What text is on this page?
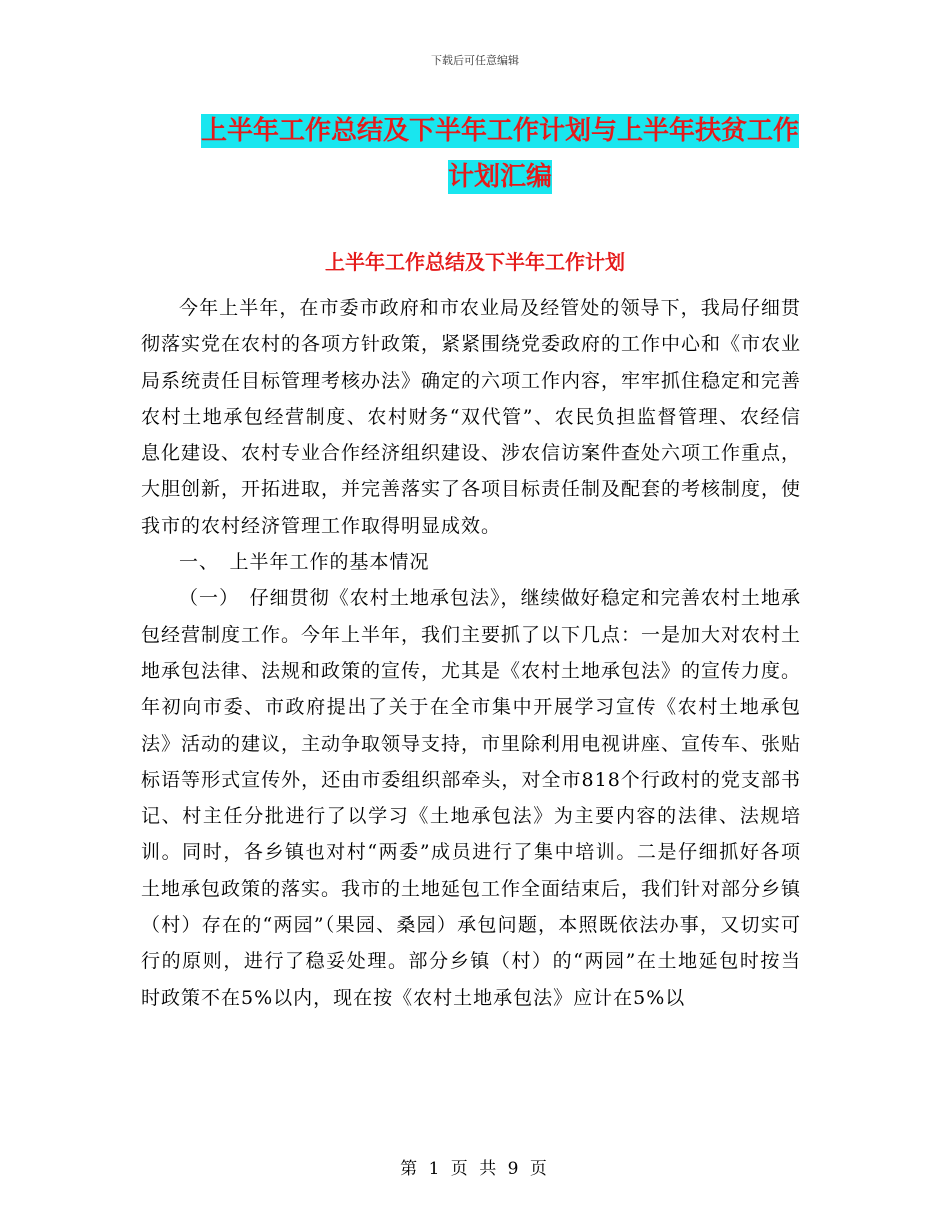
下载后可任意编辑
上半年工作总结及下半年工作计划与上半年扶贫工作
计划汇编
上半年工作总结及下半年工作计划

今年上半年，在市委市政府和市农业局及经管处的领导下，我局仔细贯彻落实党在农村的各项方针政策，紧紧围绕党委政府的工作中心和《市农业局系统责任目标管理考核办法》确定的六项工作内容，牢牢抓住稳定和完善农村土地承包经营制度、农村财务“双代管”、农民负担监督管理、农经信息化建设、农村专业合作经济组织建设、涉农信访案件查处六项工作重点，大胆创新，开拓进取，并完善落实了各项目标责任制及配套的考核制度，使我市的农村经济管理工作取得明显成效。

一、　上半年工作的基本情况

（一）　仔细贯彻《农村土地承包法》，继续做好稳定和完善农村土地承包经营制度工作。今年上半年，我们主要抓了以下几点：一是加大对农村土地承包法律、法规和政策的宣传，尤其是《农村土地承包法》的宣传力度。年初向市委、市政府提出了关于在全市集中开展学习宣传《农村土地承包法》活动的建议，主动争取领导支持，市里除利用电视讲座、宣传车、张贴标语等形式宣传外，还由市委组织部牵头，对全市818个行政村的党支部书记、村主任分批进行了以学习《土地承包法》为主要内容的法律、法规培训。同时，各乡镇也对村“两委”成员进行了集中培训。二是仔细抓好各项土地承包政策的落实。我市的土地延包工作全面结束后，我们针对部分乡镇（村）存在的“两园”（果园、桑园）承包问题，本照既依法办事，又切实可行的原则，进行了稳妥处理。部分乡镇（村）的“两园”在土地延包时按当时政策不在5%以内，现在按《农村土地承包法》应计在5%以

第 1 页 共 9 页
